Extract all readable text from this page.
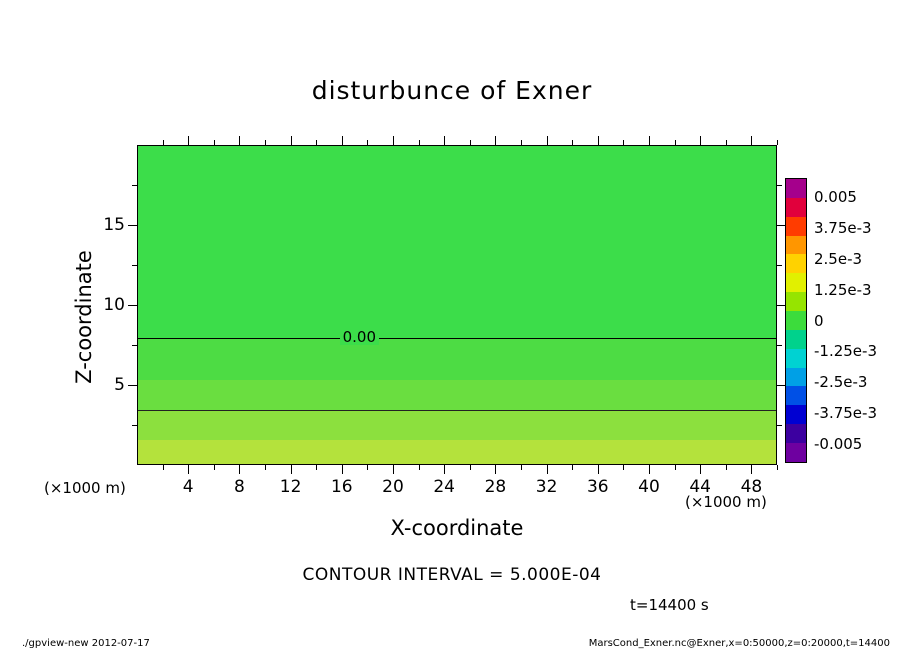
disturbunce of Exner
0.00
Z-coordinate
X-coordinate
(×1000 m)
(×1000 m)
CONTOUR INTERVAL = 5.000E-04
t=14400 s
./gpview-new 2012-07-17	MarsCond_Exner.nc@Exner,x=0:50000,z=0:20000,t=14400
4 8 12 16 20 24 28 32 36 40 44 48
5
10
15
0.005
3.75e-3
2.5e-3
1.25e-3
0
-1.25e-3
-2.5e-3
-3.75e-3
-0.005
